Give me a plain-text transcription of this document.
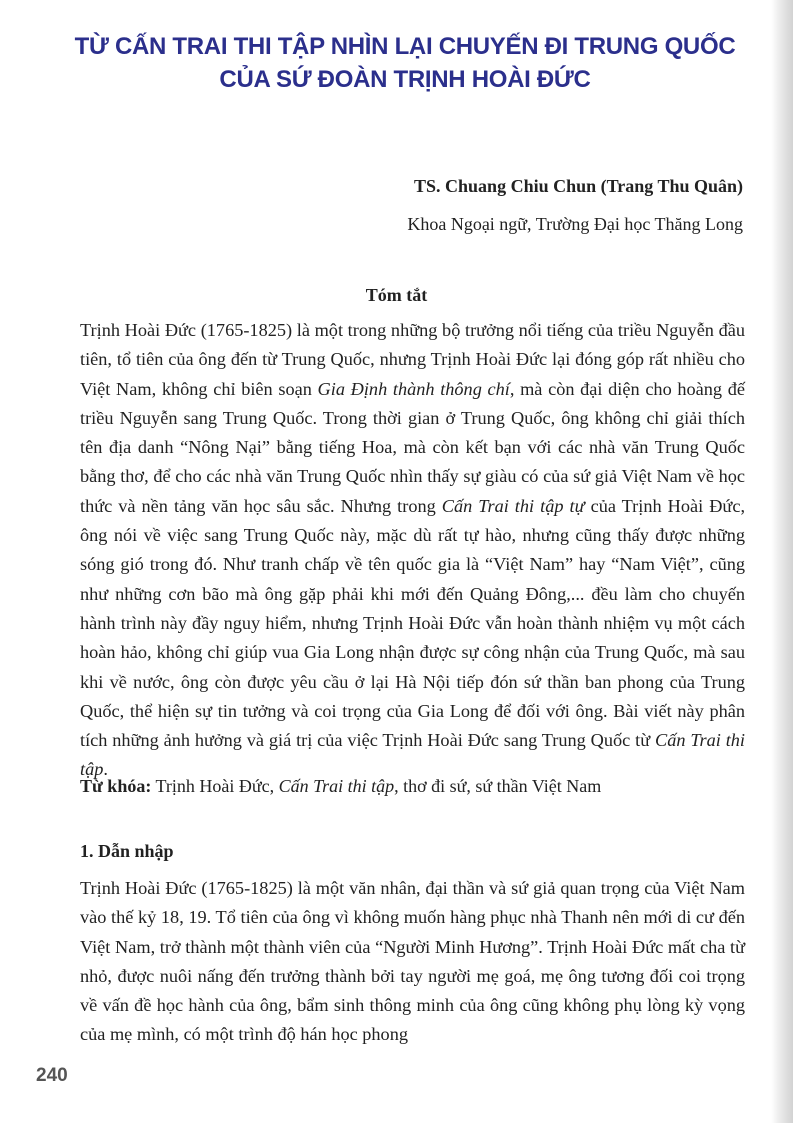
TỪ CẤN TRAI THI TẬP NHÌN LẠI CHUYẾN ĐI TRUNG QUỐC
CỦA SỨ ĐOÀN TRỊNH HOÀI ĐỨC
TS. Chuang Chiu Chun (Trang Thu Quân)
Khoa Ngoại ngữ, Trường Đại học Thăng Long
Tóm tắt

Trịnh Hoài Đức (1765-1825) là một trong những bộ trưởng nổi tiếng của triều Nguyễn đầu tiên, tổ tiên của ông đến từ Trung Quốc, nhưng Trịnh Hoài Đức lại đóng góp rất nhiều cho Việt Nam, không chỉ biên soạn Gia Định thành thông chí, mà còn đại diện cho hoàng đế triều Nguyễn sang Trung Quốc. Trong thời gian ở Trung Quốc, ông không chỉ giải thích tên địa danh “Nông Nại” bằng tiếng Hoa, mà còn kết bạn với các nhà văn Trung Quốc bằng thơ, để cho các nhà văn Trung Quốc nhìn thấy sự giàu có của sứ giả Việt Nam về học thức và nền tảng văn học sâu sắc. Nhưng trong Cấn Trai thi tập tự của Trịnh Hoài Đức, ông nói về việc sang Trung Quốc này, mặc dù rất tự hào, nhưng cũng thấy được những sóng gió trong đó. Như tranh chấp về tên quốc gia là “Việt Nam” hay “Nam Việt”, cũng như những cơn bão mà ông gặp phải khi mới đến Quảng Đông,... đều làm cho chuyến hành trình này đầy nguy hiểm, nhưng Trịnh Hoài Đức vẫn hoàn thành nhiệm vụ một cách hoàn hảo, không chỉ giúp vua Gia Long nhận được sự công nhận của Trung Quốc, mà sau khi về nước, ông còn được yêu cầu ở lại Hà Nội tiếp đón sứ thần ban phong của Trung Quốc, thể hiện sự tin tưởng và coi trọng của Gia Long để đối với ông. Bài viết này phân tích những ảnh hưởng và giá trị của việc Trịnh Hoài Đức sang Trung Quốc từ Cấn Trai thi tập.

Từ khóa: Trịnh Hoài Đức, Cấn Trai thi tập, thơ đi sứ, sứ thần Việt Nam
1. Dẫn nhập

Trịnh Hoài Đức (1765-1825) là một văn nhân, đại thần và sứ giả quan trọng của Việt Nam vào thế kỷ 18, 19. Tổ tiên của ông vì không muốn hàng phục nhà Thanh nên mới di cư đến Việt Nam, trở thành một thành viên của “Người Minh Hương”. Trịnh Hoài Đức mất cha từ nhỏ, được nuôi nấng đến trưởng thành bởi tay người mẹ goá, mẹ ông tương đối coi trọng về vấn đề học hành của ông, bẩm sinh thông minh của ông cũng không phụ lòng kỳ vọng của mẹ mình, có một trình độ hán học phong

240
